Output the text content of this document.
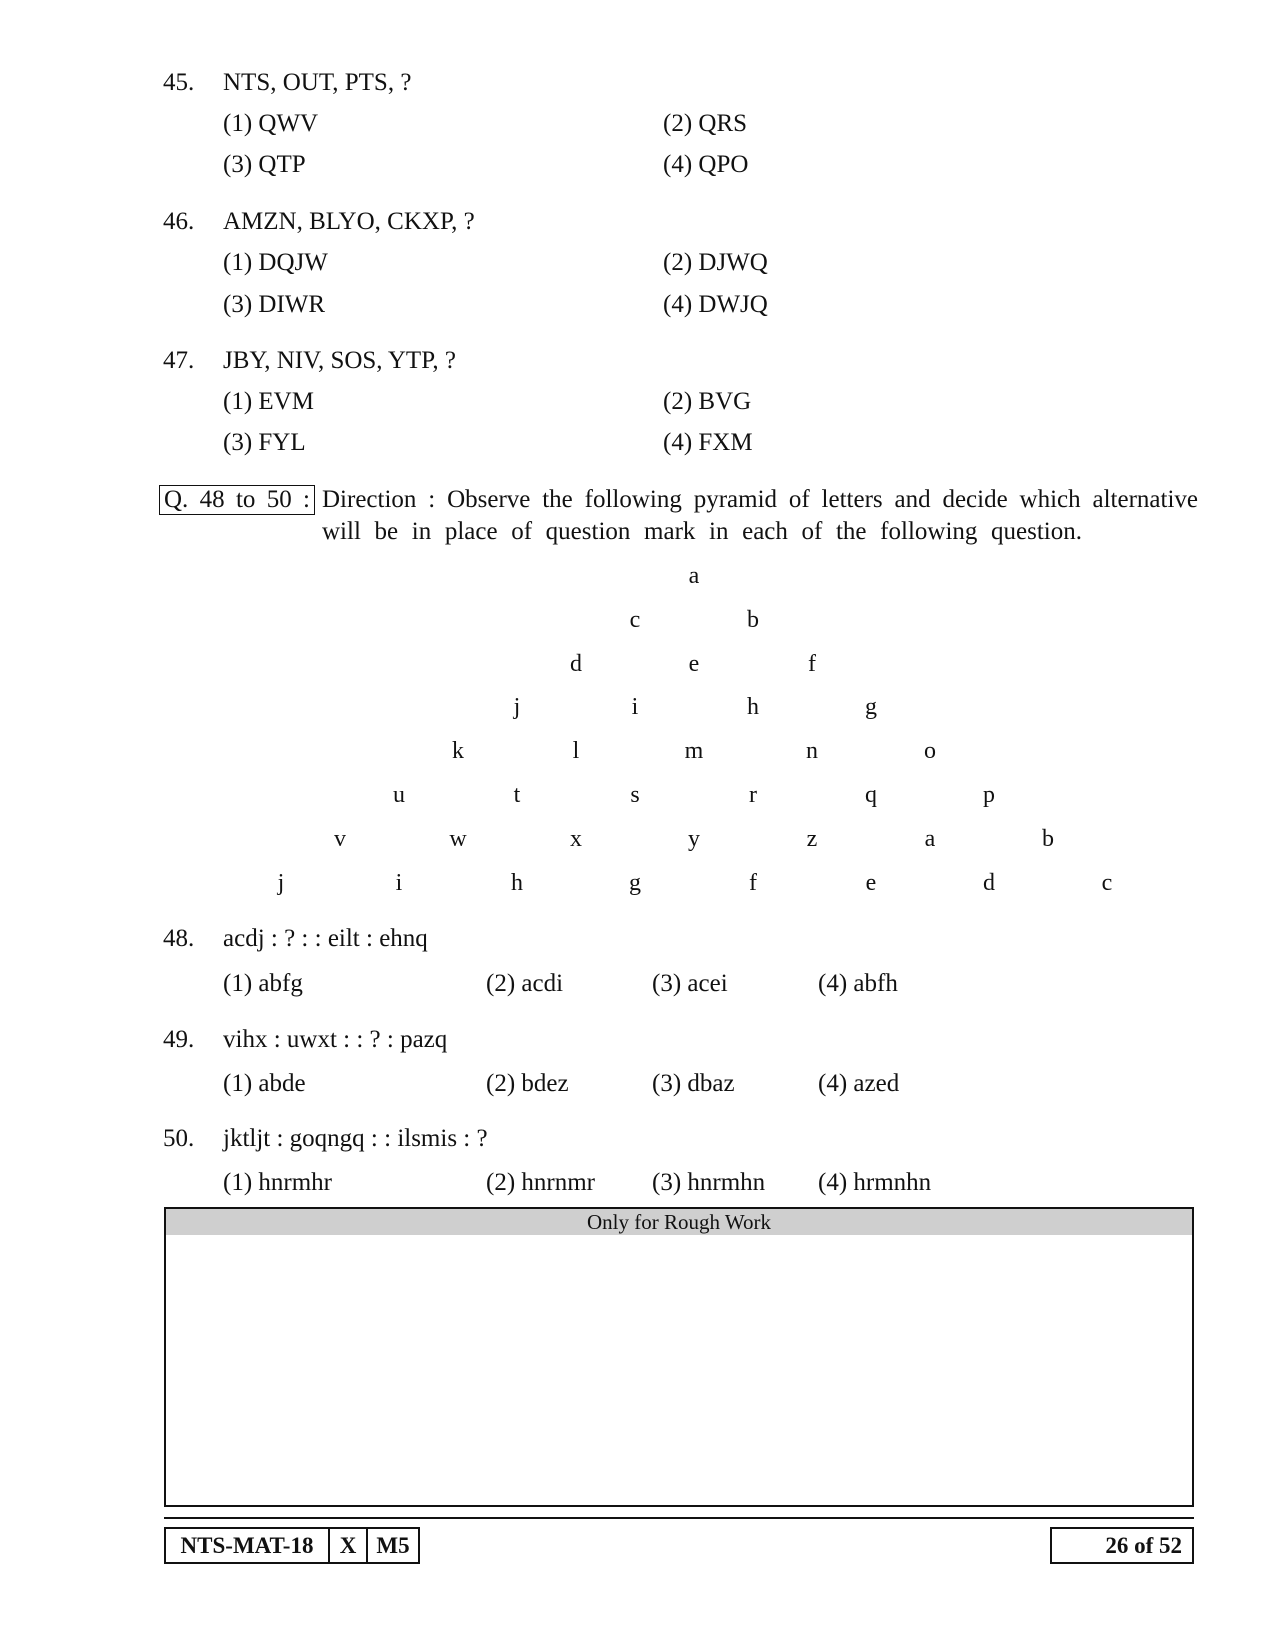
45. NTS, OUT, PTS, ?
(1) QWV	(2) QRS
(3) QTP	(4) QPO
46. AMZN, BLYO, CKXP, ?
(1) DQJW	(2) DJWQ
(3) DIWR	(4) DWJQ
47. JBY, NIV, SOS, YTP, ?
(1) EVM	(2) BVG
(3) FYL	(4) FXM
Q. 48 to 50 : Direction : Observe the following pyramid of letters and decide which alternative
will be in place of question mark in each of the following question.
a
c	b
d	e	f
j	i	h	g
k	l	m	n	o
u	t	s	r	q	p
v	w	x	y	z	a	b
j	i	h	g	f	e	d	c
48. acdj : ? : : eilt : ehnq
(1) abfg	(2) acdi	(3) acei	(4) abfh
49. vihx : uwxt : : ? : pazq
(1) abde	(2) bdez	(3) dbaz	(4) azed
50. jktljt : goqngq : : ilsmis : ?
(1) hnrmhr	(2) hnrnmr (3) hnrmhn (4) hrmnhn
Only for Rough Work
NTS-MAT-18	X M5	26 of 52
